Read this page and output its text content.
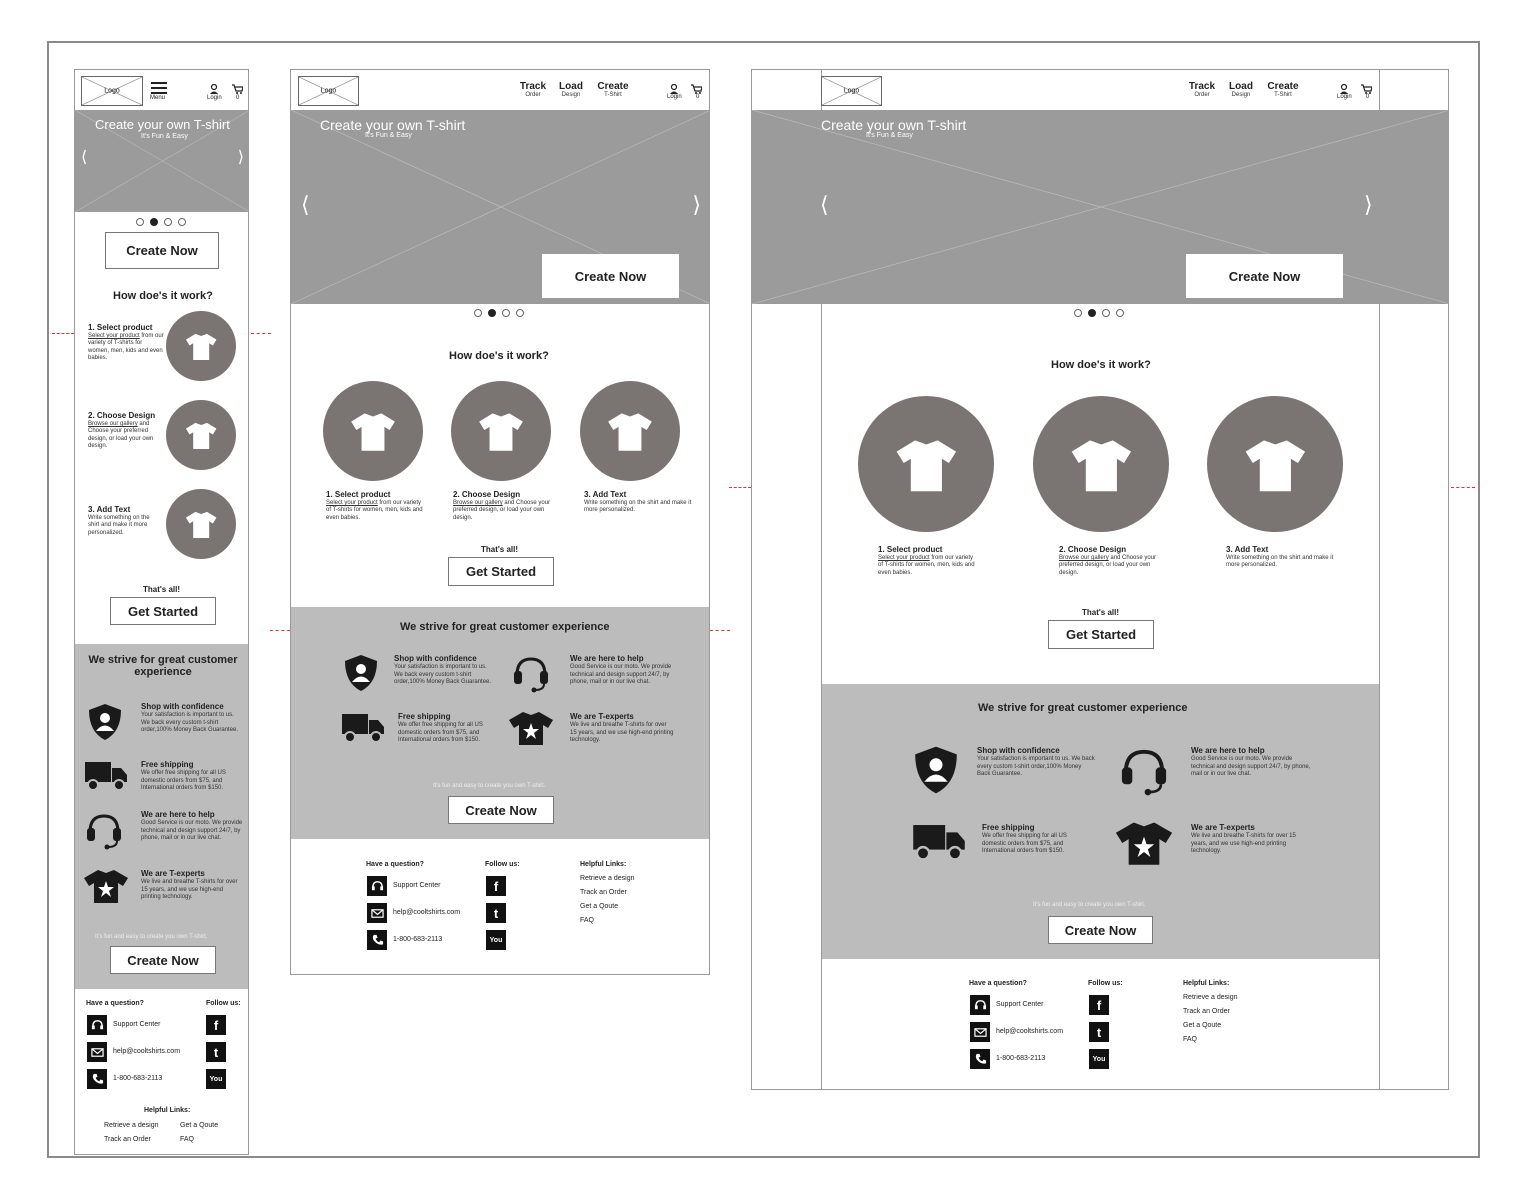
Logo
Menu	Login 0
Create your own T-shirt
It's Fun & Easy
⟨	⟩
Create Now
How doe's it work?
1. Select product
Select your product from our variety of T-shirts for women, men, kids and even babies.
2. Choose Design
Browse our gallery and Choose your preferred design, or load your own design.
3. Add Text
Write something on the shirt and make it more personalized.
That's all!
Get Started
We strive for great customer experience
Shop with confidence
Your satisfaction is important to us. We back every custom t-shirt order,100% Money Back Guarantee.
Free shipping
We offer free shipping for all US domestic orders from $75, and International orders from $150.
We are here to help
Good Service is our moto. We provide technical and design support 24/7, by phone, mail or in our live chat.
We are T-experts
We live and breathe T-shirts for over 15 years, and we use high-end printing technology.
It's fun and easy to create you own T-shirt.
Create Now
Have a question?	Follow us:
Support Center
help@cooltshirts.com
1-800-683-2113
f
t
You
Helpful Links:
Retrieve a design	Get a Qoute
Track an Order	FAQ
Logo	Track
Order
Load
Design
Create
T-Shirt	Login 0
Create your own T-shirt
It's Fun & Easy
⟨	⟩
Create Now
How doe's it work?
1. Select product
Select your product from our variety of T-shirts for women, men, kids and even babies.
2. Choose Design
Browse our gallery and Choose your preferred design, or load your own design.
3. Add Text
Write something on the shirt and make it more personalized.
That's all!
Get Started
We strive for great customer experience
Shop with confidence
Your satisfaction is important to us. We back every custom t-shirt order,100% Money Back Guarantee.
We are here to help
Good Service is our moto. We provide technical and design support 24/7, by phone, mail or in our live chat.
Free shipping
We offer free shipping for all US domestic orders from $75, and International orders from $150.
We are T-experts
We live and breathe T-shirts for over 15 years, and we use high-end printing technology.
It's fun and easy to create you own T-shirt.
Create Now
Have a question?	Follow us:	Helpful Links:
Support Center
help@cooltshirts.com
1-800-683-2113
f
t
You
Retrieve a design
Track an Order
Get a Qoute
FAQ
Logo	Track
Order
Load
Design
Create
T-Shirt	Login 0
Create your own T-shirt
It's Fun & Easy
⟨	⟩
Create Now
How doe's it work?
1. Select product
Select your product from our variety of T-shirts for women, men, kids and even babies.
2. Choose Design
Browse our gallery and Choose your preferred design, or load your own design.
3. Add Text
Write something on the shirt and make it more personalized.
That's all!
Get Started
We strive for great customer experience
Shop with confidence
Your satisfaction is important to us. We back every custom t-shirt order,100% Money Back Guarantee.
We are here to help
Good Service is our moto. We provide technical and design support 24/7, by phone, mail or in our live chat.
Free shipping
We offer free shipping for all US domestic orders from $75, and International orders from $150.
We are T-experts
We live and breathe T-shirts for over 15 years, and we use high-end printing technology.
It's fun and easy to create you own T-shirt.
Create Now
Have a question?	Follow us:	Helpful Links:
Support Center
help@cooltshirts.com
1-800-683-2113
f
t
You
Retrieve a design
Track an Order
Get a Qoute
FAQ
